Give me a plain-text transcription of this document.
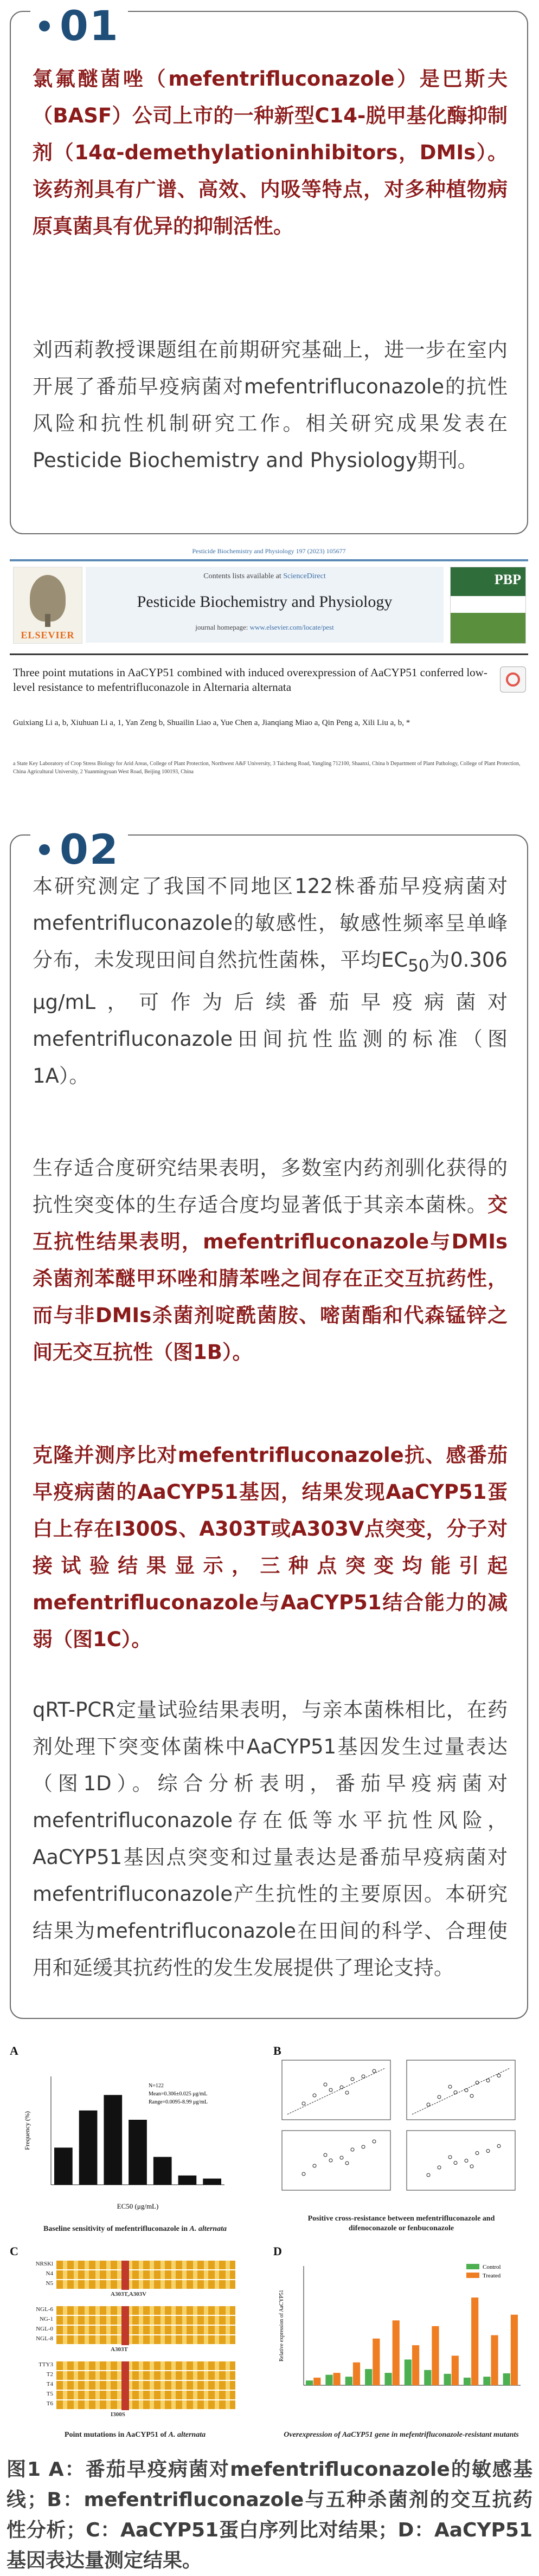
01

氯氟醚菌唑（mefentrifluconazole）是巴斯夫（BASF）公司上市的一种新型C14-脱甲基化酶抑制剂（14α-demethylationinhibitors，DMIs）。该药剂具有广谱、高效、内吸等特点，对多种植物病原真菌具有优异的抑制活性。

刘西莉教授课题组在前期研究基础上，进一步在室内开展了番茄早疫病菌对mefentrifluconazole的抗性风险和抗性机制研究工作。相关研究成果发表在Pesticide Biochemistry and Physiology期刊。

Pesticide Biochemistry and Physiology 197 (2023) 105677
ELSEVIER
Contents lists available at ScienceDirect
Pesticide Biochemistry and Physiology
journal homepage: www.elsevier.com/locate/pest
PBP
Three point mutations in AaCYP51 combined with induced overexpression of AaCYP51 conferred low-level resistance to mefentrifluconazole in Alternaria alternata
Guixiang Li a, b, Xiuhuan Li a, 1, Yan Zeng b, Shuailin Liao a, Yue Chen a, Jianqiang Miao a, Qin Peng a, Xili Liu a, b, *
a State Key Laboratory of Crop Stress Biology for Arid Areas, College of Plant Protection, Northwest A&F University, 3 Taicheng Road, Yangling 712100, Shaanxi, China b Department of Plant Pathology, College of Plant Protection, China Agricultural University, 2 Yuanmingyuan West Road, Beijing 100193, China
02

本研究测定了我国不同地区122株番茄早疫病菌对mefentrifluconazole的敏感性，敏感性频率呈单峰分布，未发现田间自然抗性菌株，平均$EC_{50}$为0.306 μg/mL，可作为后续番茄早疫病菌对mefentrifluconazole田间抗性监测的标准（图1A）。

生存适合度研究结果表明，多数室内药剂驯化获得的抗性突变体的生存适合度均显著低于其亲本菌株。交互抗性结果表明，mefentrifluconazole与DMIs杀菌剂苯醚甲环唑和腈苯唑之间存在正交互抗药性，而与非DMIs杀菌剂啶酰菌胺、嘧菌酯和代森锰锌之间无交互抗性（图1B）。

克隆并测序比对mefentrifluconazole抗、感番茄早疫病菌的AaCYP51基因，结果发现AaCYP51蛋白上存在I300S、A303T或A303V点突变，分子对接试验结果显示，三种点突变均能引起mefentrifluconazole与AaCYP51结合能力的减弱（图1C）。

qRT-PCR定量试验结果表明，与亲本菌株相比，在药剂处理下突变体菌株中AaCYP51基因发生过量表达（图1D）。综合分析表明，番茄早疫病菌对mefentrifluconazole存在低等水平抗性风险，AaCYP51基因点突变和过量表达是番茄早疫病菌对mefentrifluconazole产生抗性的主要原因。本研究结果为mefentrifluconazole在田间的科学、合理使用和延缓其抗药性的发生发展提供了理论支持。

A
Frequency (%)
EC50 (μg/mL)
N=122
Mean=0.306±0.025 μg/mL
Range=0.0095-8.99 μg/mL
Baseline sensitivity of mefentrifluconazole in A. alternata
B
Positive cross-resistance between mefentrifluconazole and
difenoconazole or fenbuconazole
C
NRSKl
N4
N5
A303T,A303V
NGL-6
NG-1
NGL-0
NGL-8
A303T
TTY3
T2
T4
T5
T6
I300S
Point mutations in AaCYP51 of A. alternata
D
Relative expression of AaCYP51
Control
Treated
Overexpression of AaCYP51 gene in mefentrifluconazole-resistant mutants

图1 A：番茄早疫病菌对mefentrifluconazole的敏感基线；B：mefentrifluconazole与五种杀菌剂的交互抗药性分析；C：AaCYP51蛋白序列比对结果；D：AaCYP51基因表达量测定结果。
